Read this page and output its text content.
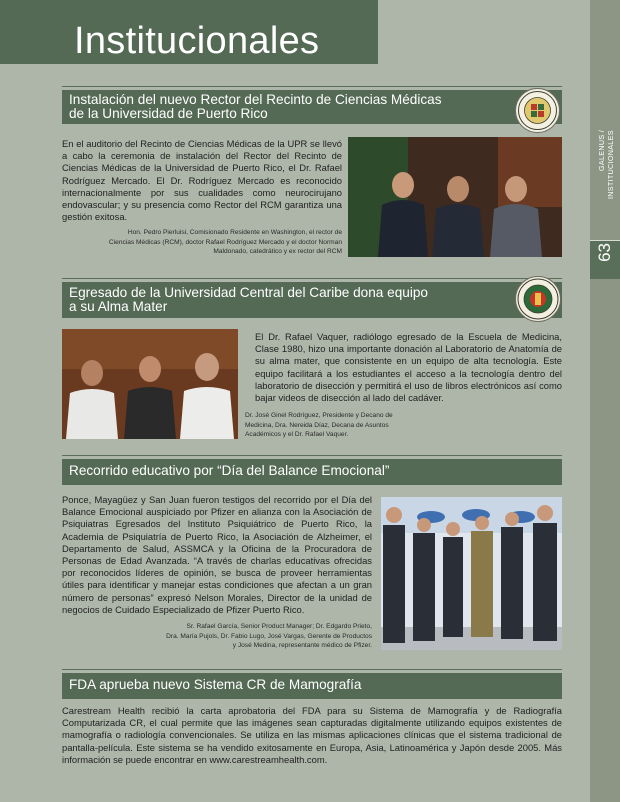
Institucionales
GALENUS / INSTITUCIONALES
63
Instalación del nuevo Rector del Recinto de Ciencias Médicas
de la Universidad de Puerto Rico
En el auditorio del Recinto de Ciencias Médicas de la UPR se llevó a cabo la ceremonia de instalación del Rector del Recinto de Ciencias Médicas de la Universidad de Puerto Rico, el Dr. Rafael Rodríguez Mercado. El Dr. Rodríguez Mercado es reconocido internacionalmente por sus cualidades como neurocirujano endovascular; y su presencia como Rector del RCM garantiza una gestión exitosa.
Hon. Pedro Pierluisi, Comisionado Residente en Washington, el rector de
Ciencias Médicas (RCM), doctor Rafael Rodríguez Mercado y el doctor Norman
Maldonado, catedrático y ex rector del RCM
Egresado de la Universidad Central del Caribe dona equipo
a su Alma Mater
El Dr. Rafael Vaquer, radiólogo egresado de la Escuela de Medicina, Clase 1980, hizo una importante donación al Laboratorio de Anatomía de su alma mater, que consistente en un equipo de alta tecnología. Este equipo facilitará a los estudiantes el acceso a la tecnología dentro del laboratorio de disección y permitirá el uso de libros electrónicos así como bajar videos de disección al lado del cadáver.
Dr. José Ginel Rodríguez, Presidente y Decano de
Medicina, Dra. Nereida Díaz, Decana de Asuntos
Académicos y el Dr. Rafael Vaquer.
Recorrido educativo por “Día del Balance Emocional”
Ponce, Mayagüez y San Juan fueron testigos del recorrido por el Día del Balance Emocional auspiciado por Pfizer en alianza con la Asociación de Psiquiatras Egresados del Instituto Psiquiátrico de Puerto Rico, la Academia de Psiquiatría de Puerto Rico, la Asociación de Alzheimer, el Departamento de Salud, ASSMCA y la Oficina de la Procuradora de Personas de Edad Avanzada. “A través de charlas educativas ofrecidas por reconocidos líderes de opinión, se busca de proveer herramientas útiles para identificar y manejar estas condiciones que afectan a un gran número de personas” expresó Nelson Morales, Director de la unidad de negocios de Cuidado Especializado de Pfizer Puerto Rico.
Sr. Rafael García, Senior Product Manager; Dr. Edgardo Prieto,
Dra. María Pujols, Dr. Fabio Lugo, José Vargas, Gerente de Productos
y José Medina, representante médico de Pfizer.
FDA aprueba nuevo Sistema CR de Mamografía
Carestream Health recibió la carta aprobatoria del FDA para su Sistema de Mamografía y de Radiografía Computarizada CR, el cual permite que las imágenes sean capturadas digitalmente utilizando equipos existentes de mamografía o radiología convencionales. Se utiliza en las mismas aplicaciones clínicas que el sistema tradicional de pantalla-película. Este sistema se ha vendido exitosamente en Europa, Asia, Latinoamérica y Japón desde 2005. Más información se puede encontrar en www.carestreamhealth.com.
